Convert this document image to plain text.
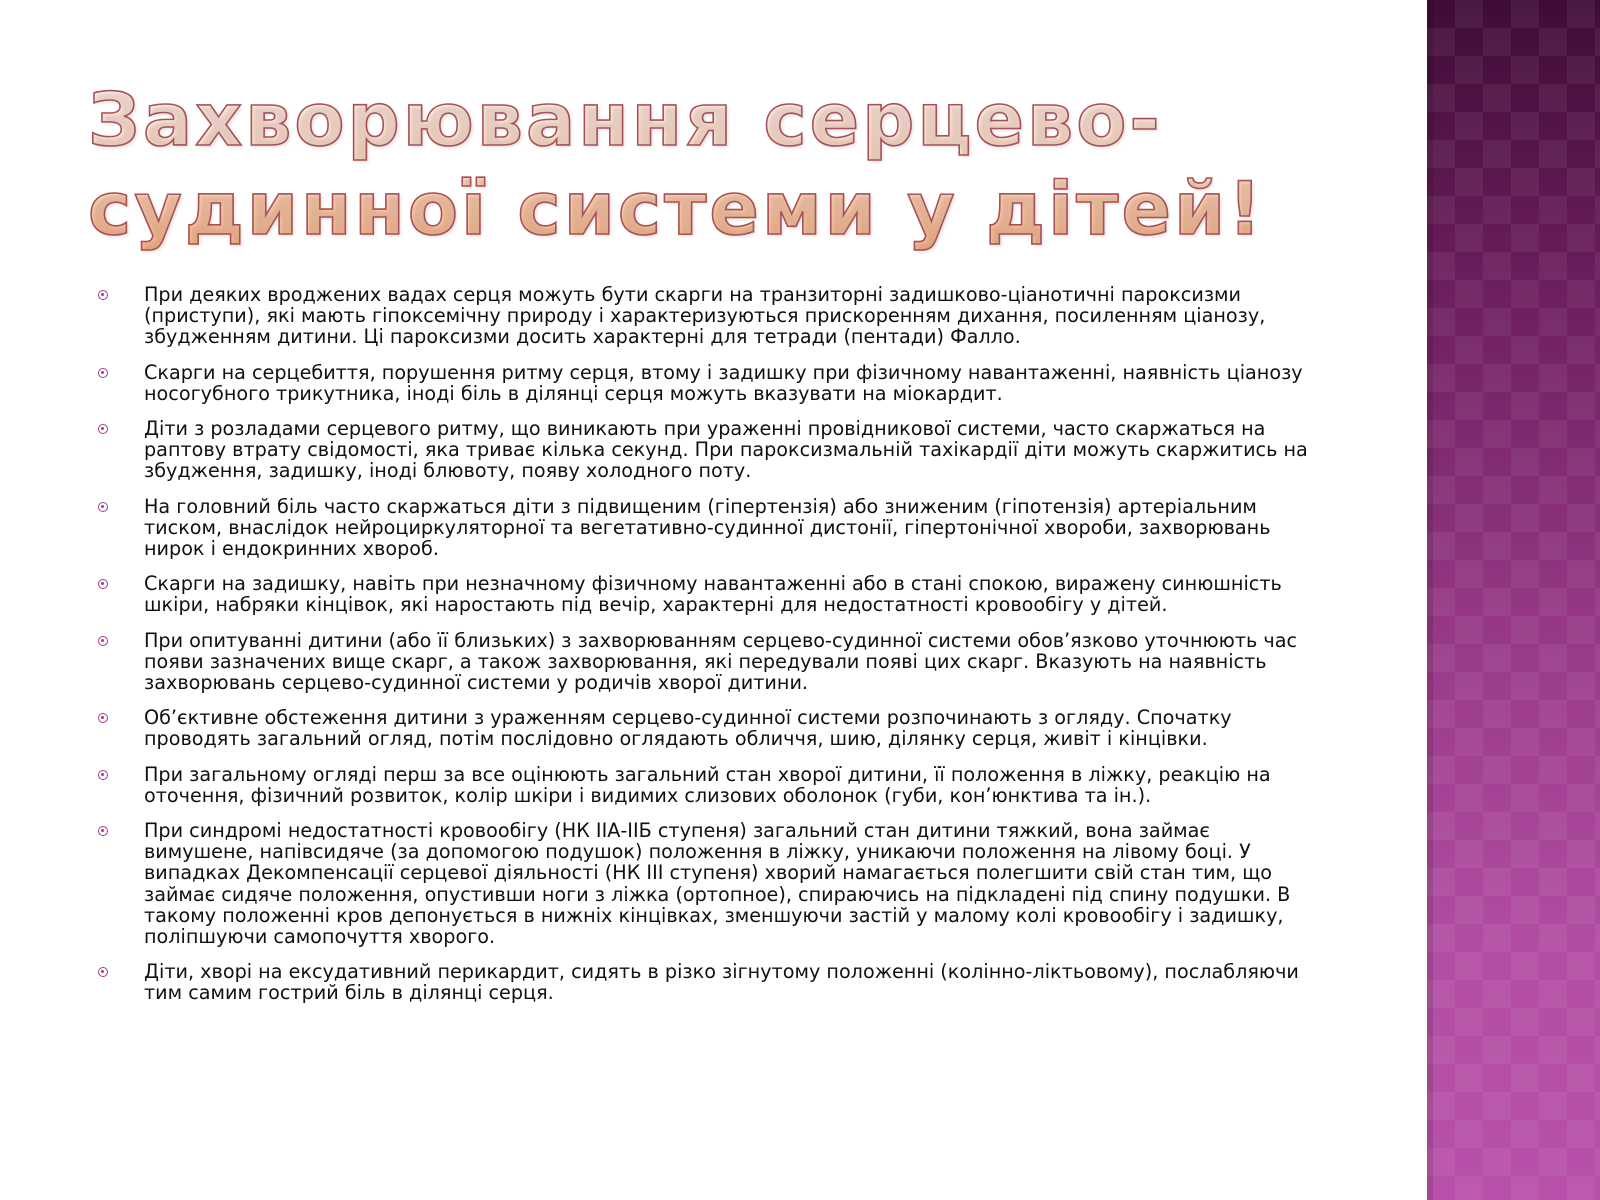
Захворювання серцево-судинної системи у дітей!
При деяких вроджених вадах серця можуть бути скарги на транзиторні задишково-ціанотичні пароксизми (приступи), які мають гіпоксемічну природу і характеризуються прискоренням дихання, посиленням ціанозу, збудженням дитини. Ці пароксизми досить характерні для тетради (пентади) Фалло.
Скарги на серцебиття, порушення ритму серця, втому і задишку при фізичному навантаженні, наявність ціанозу носогубного трикутника, іноді біль в ділянці серця можуть вказувати на міокардит.
Діти з розладами серцевого ритму, що виникають при ураженні провідникової системи, часто скаржаться на раптову втрату свідомості, яка триває кілька секунд. При пароксизмальній тахікардії діти можуть скаржитись на збудження, задишку, іноді блювоту, появу холодного поту.
На головний біль часто скаржаться діти з підвищеним (гіпертензія) або зниженим (гіпотензія) артеріальним тиском, внаслідок нейроциркуляторної та вегетативно-судинної дистонії, гіпертонічної хвороби, захворювань нирок і ендокринних хвороб.
Скарги на задишку, навіть при незначному фізичному навантаженні або в стані спокою, виражену синюшність шкіри, набряки кінцівок, які наростають під вечір, характерні для недостатності кровообігу у дітей.
При опитуванні дитини (або її близьких) з захворюванням серцево-судинної системи обов’язково уточнюють час появи зазначених вище скарг, а також захворювання, які передували появі цих скарг. Вказують на наявність захворювань серцево-судинної системи у родичів хворої дитини.
Об’єктивне обстеження дитини з ураженням серцево-судинної системи розпочинають з огляду. Спочатку проводять загальний огляд, потім послідовно оглядають обличчя, шию, ділянку серця, живіт і кінцівки.
При загальному огляді перш за все оцінюють загальний стан хворої дитини, її положення в ліжку, реакцію на оточення, фізичний розвиток, колір шкіри і видимих слизових оболонок (губи, кон’юнктива та ін.).
При синдромі недостатності кровообігу (НК IIА-IIБ ступеня) загальний стан дитини тяжкий, вона займає вимушене, напівсидяче (за допомогою подушок) положення в ліжку, уникаючи положення на лівому боці. У випадках Декомпенсації серцевої діяльності (НК III ступеня) хворий намагається полегшити свій стан тим, що займає сидяче положення, опустивши ноги з ліжка (ортопное), спираючись на підкладені під спину подушки. В такому положенні кров депонується в нижніх кінцівках, зменшуючи застій у малому колі кровообігу і задишку, поліпшуючи самопочуття хворого.
Діти, хворі на ексудативний перикардит, сидять в різко зігнутому положенні (колінно-ліктьовому), послабляючи тим самим гострий біль в ділянці серця.
